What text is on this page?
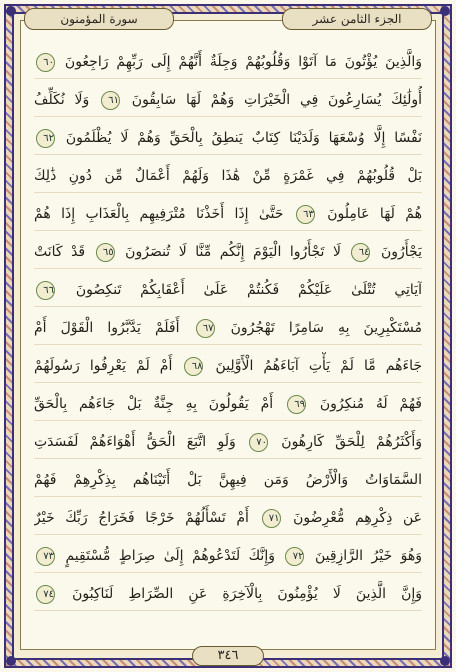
سورة المؤمنون	الجزء الثامن عشر
وَالَّذِينَ يُؤْتُونَ مَا آتَوْا وَقُلُوبُهُمْ وَجِلَةٌ أَنَّهُمْ إِلَى رَبِّهِمْ رَاجِعُونَ ٦٠
أُولَٰئِكَ يُسَارِعُونَ فِي الْخَيْرَاتِ وَهُمْ لَهَا سَابِقُونَ ٦١ وَلَا نُكَلِّفُ
نَفْسًا إِلَّا وُسْعَهَا وَلَدَيْنَا كِتَابٌ يَنطِقُ بِالْحَقِّ وَهُمْ لَا يُظْلَمُونَ ٦٢
بَلْ قُلُوبُهُمْ فِي غَمْرَةٍ مِّنْ هَٰذَا وَلَهُمْ أَعْمَالٌ مِّن دُونِ ذَٰلِكَ
هُمْ لَهَا عَامِلُونَ ٦٣ حَتَّىٰ إِذَا أَخَذْنَا مُتْرَفِيهِم بِالْعَذَابِ إِذَا هُمْ
يَجْأَرُونَ ٦٤ لَا تَجْأَرُوا الْيَوْمَ إِنَّكُم مِّنَّا لَا تُنصَرُونَ ٦٥ قَدْ كَانَتْ
آيَاتِي تُتْلَىٰ عَلَيْكُمْ فَكُنتُمْ عَلَىٰ أَعْقَابِكُمْ تَنكِصُونَ ٦٦
مُسْتَكْبِرِينَ بِهِ سَامِرًا تَهْجُرُونَ ٦٧ أَفَلَمْ يَدَّبَّرُوا الْقَوْلَ أَمْ
جَاءَهُم مَّا لَمْ يَأْتِ آبَاءَهُمُ الْأَوَّلِينَ ٦٨ أَمْ لَمْ يَعْرِفُوا رَسُولَهُمْ
فَهُمْ لَهُ مُنكِرُونَ ٦٩ أَمْ يَقُولُونَ بِهِ جِنَّةٌ بَلْ جَاءَهُم بِالْحَقِّ
وَأَكْثَرُهُمْ لِلْحَقِّ كَارِهُونَ ٧٠ وَلَوِ اتَّبَعَ الْحَقُّ أَهْوَاءَهُمْ لَفَسَدَتِ
السَّمَاوَاتُ وَالْأَرْضُ وَمَن فِيهِنَّ بَلْ أَتَيْنَاهُم بِذِكْرِهِمْ فَهُمْ
عَن ذِكْرِهِم مُّعْرِضُونَ ٧١ أَمْ تَسْأَلُهُمْ خَرْجًا فَخَرَاجُ رَبِّكَ خَيْرٌ
وَهُوَ خَيْرُ الرَّازِقِينَ ٧٢ وَإِنَّكَ لَتَدْعُوهُمْ إِلَىٰ صِرَاطٍ مُّسْتَقِيمٍ ٧٣
وَإِنَّ الَّذِينَ لَا يُؤْمِنُونَ بِالْآخِرَةِ عَنِ الصِّرَاطِ لَنَاكِبُونَ ٧٤
٣٤٦
